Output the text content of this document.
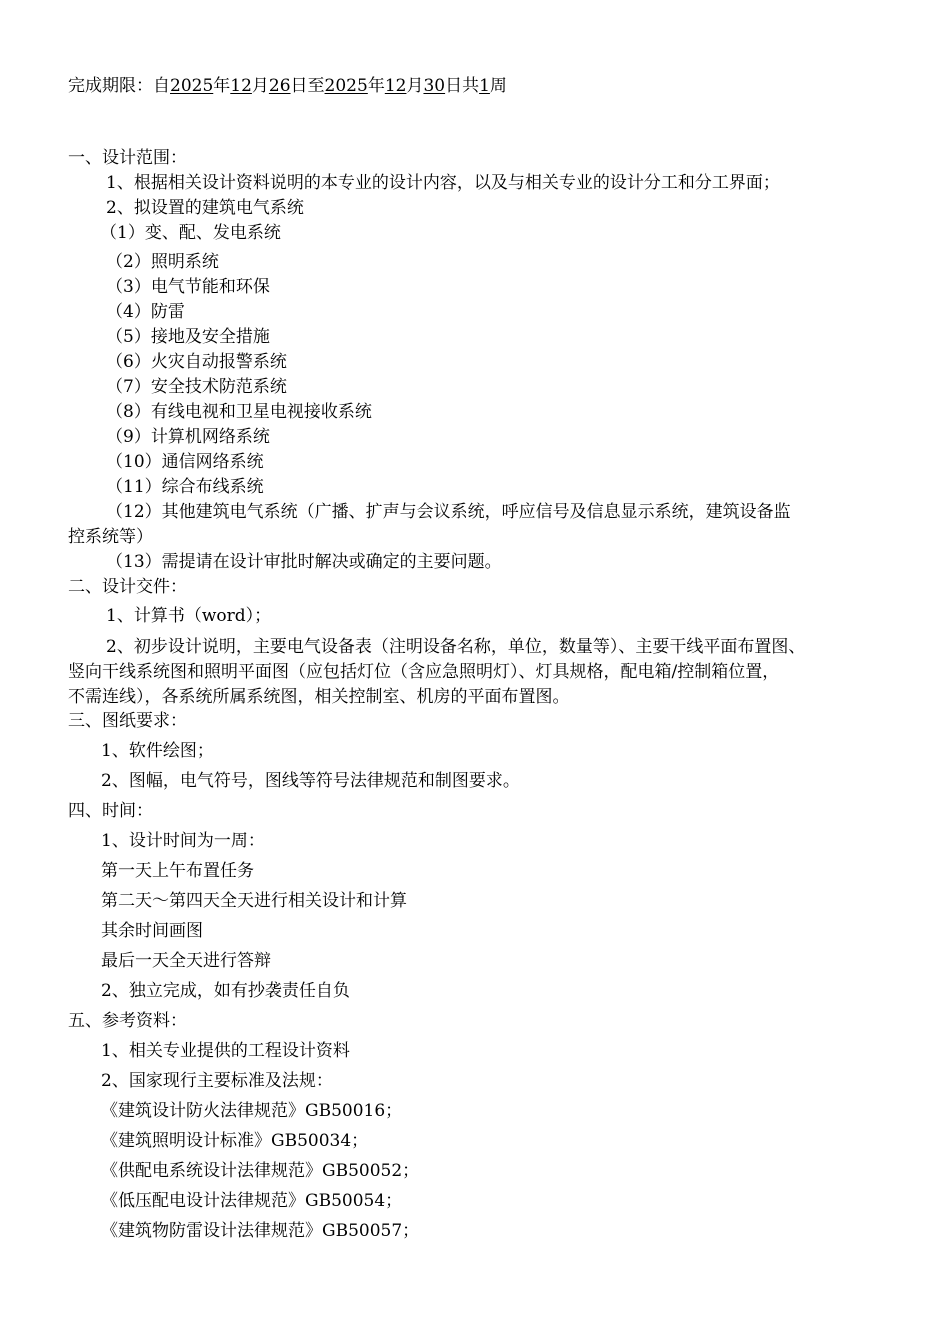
完成期限：自2025年12月26日至2025年12月30日共1周
一、设计范围：
1、根据相关设计资料说明的本专业的设计内容，以及与相关专业的设计分工和分工界面；
2、拟设置的建筑电气系统
（1）变、配、发电系统
（2）照明系统
（3）电气节能和环保
（4）防雷
（5）接地及安全措施
（6）火灾自动报警系统
（7）安全技术防范系统
（8）有线电视和卫星电视接收系统
（9）计算机网络系统
（10）通信网络系统
（11）综合布线系统
（12）其他建筑电气系统（广播、扩声与会议系统，呼应信号及信息显示系统，建筑设备监
控系统等）
（13）需提请在设计审批时解决或确定的主要问题。
二、设计交件：
1、计算书（word）；
2、初步设计说明，主要电气设备表（注明设备名称，单位，数量等）、主要干线平面布置图、
竖向干线系统图和照明平面图（应包括灯位（含应急照明灯）、灯具规格，配电箱/控制箱位置，
不需连线），各系统所属系统图，相关控制室、机房的平面布置图。
三、图纸要求：
1、软件绘图；
2、图幅，电气符号，图线等符号法律规范和制图要求。
四、时间：
1、设计时间为一周：
第一天上午布置任务
第二天～第四天全天进行相关设计和计算
其余时间画图
最后一天全天进行答辩
2、独立完成，如有抄袭责任自负
五、参考资料：
1、相关专业提供的工程设计资料
2、国家现行主要标准及法规：
《建筑设计防火法律规范》GB50016；
《建筑照明设计标准》GB50034；
《供配电系统设计法律规范》GB50052；
《低压配电设计法律规范》GB50054；
《建筑物防雷设计法律规范》GB50057；
